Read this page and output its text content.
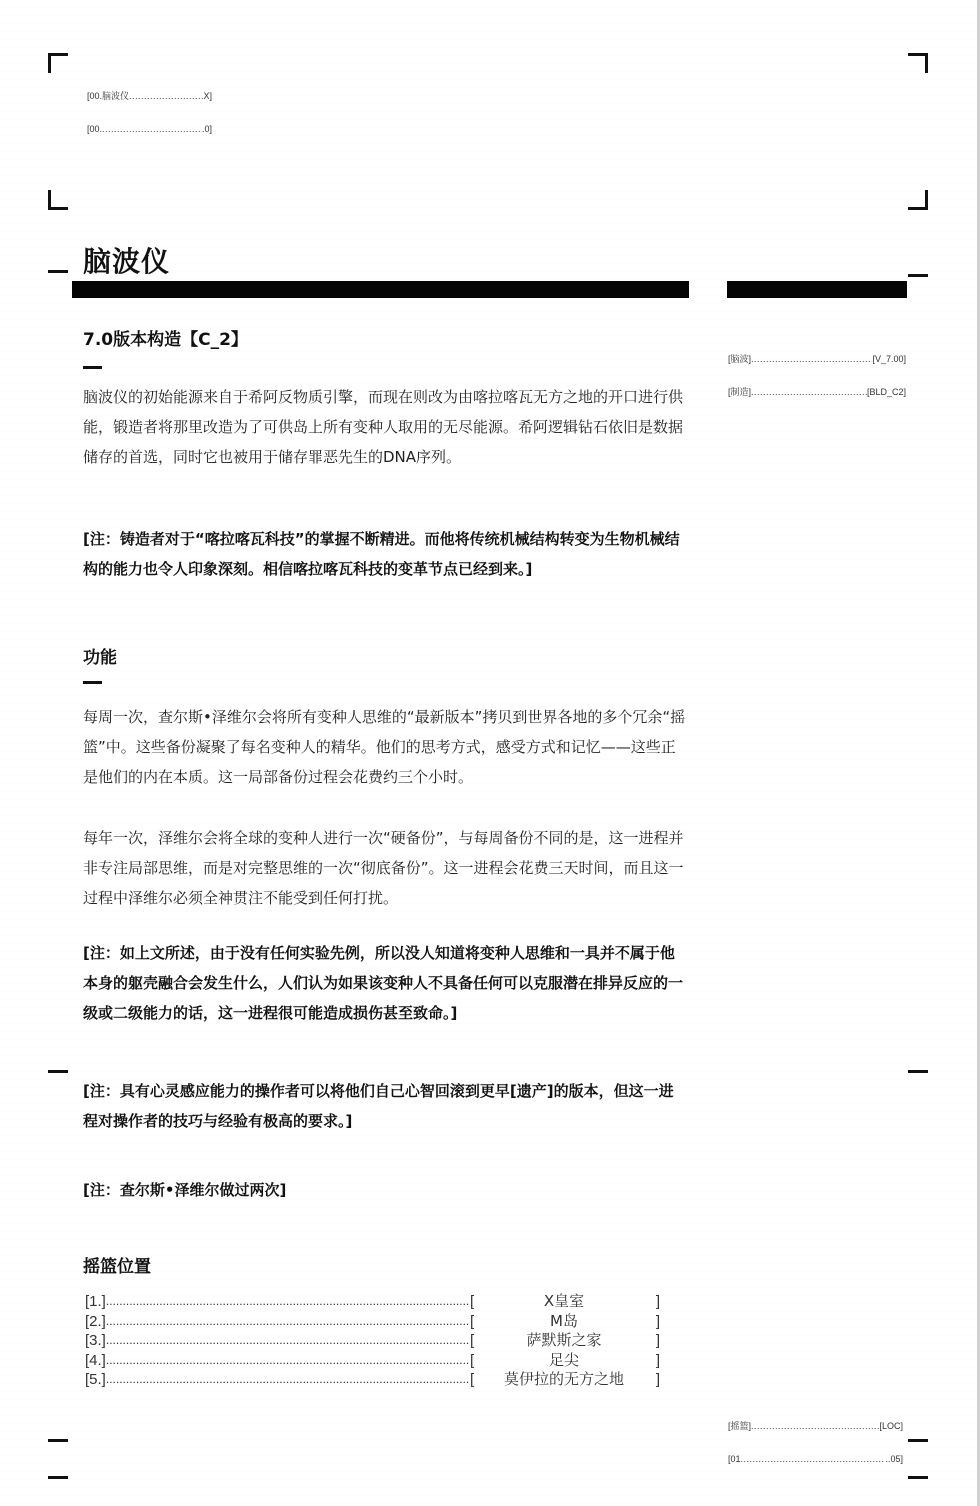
[00.脑波仪 .....	X]

[00. .....	.0]

脑波仪

[脑波] .....	[V_7.00]

[制造] .....	[BLD_C2]

7.0版本构造【C_2】
脑波仪的初始能源来自于希阿反物质引擎，而现在则改为由喀拉喀瓦无方之地的开口进行供能，锻造者将那里改造为了可供岛上所有变种人取用的无尽能源。希阿逻辑钻石依旧是数据储存的首选，同时它也被用于储存罪恶先生的DNA序列。
[注：铸造者对于“喀拉喀瓦科技”的掌握不断精进。而他将传统机械结构转变为生物机械结构的能力也令人印象深刻。相信喀拉喀瓦科技的变革节点已经到来。]
功能
每周一次，查尔斯•泽维尔会将所有变种人思维的“最新版本”拷贝到世界各地的多个冗余“摇篮”中。这些备份凝聚了每名变种人的精华。他们的思考方式，感受方式和记忆——这些正是他们的内在本质。这一局部备份过程会花费约三个小时。
每年一次，泽维尔会将全球的变种人进行一次“硬备份”，与每周备份不同的是，这一进程并非专注局部思维，而是对完整思维的一次“彻底备份”。这一进程会花费三天时间，而且这一过程中泽维尔必须全神贯注不能受到任何打扰。
[注：如上文所述，由于没有任何实验先例，所以没人知道将变种人思维和一具并不属于他本身的躯壳融合会发生什么，人们认为如果该变种人不具备任何可以克服潜在排异反应的一级或二级能力的话，这一进程很可能造成损伤甚至致命。]
[注：具有心灵感应能力的操作者可以将他们自己心智回滚到更早[遗产]的版本，但这一进程对操作者的技巧与经验有极高的要求。]
[注：查尔斯•泽维尔做过两次]
摇篮位置
[1.] .....	[	X皇室	]
[2.] .....	[	M岛	]
[3.] .....	[	萨默斯之家	]
[4.] .....	[	足尖	]
[5.] .....	[	莫伊拉的无方之地	]

[摇篮] .....	[LOC]

[01 .....	..05]
